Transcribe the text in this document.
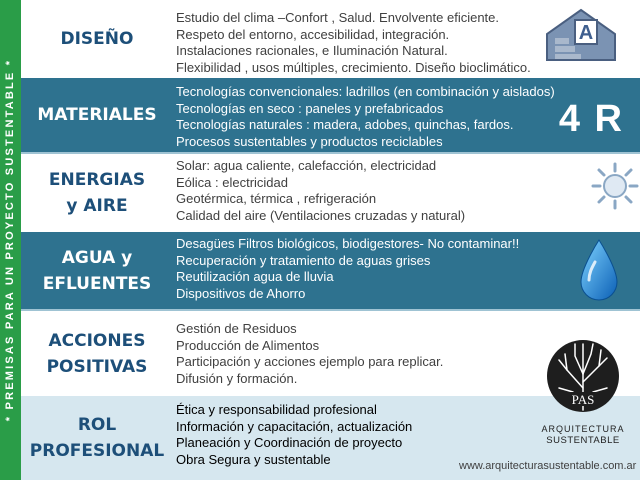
* PREMISAS PARA UN PROYECTO SUSTENTABLE *
DISEÑO
Estudio del clima –Confort , Salud. Envolvente eficiente.
Respeto del entorno, accesibilidad, integración.
Instalaciones racionales, e Iluminación Natural.
Flexibilidad , usos múltiples, crecimiento. Diseño bioclimático.
A
MATERIALES
Tecnologías convencionales: ladrillos (en combinación y aislados)
Tecnologías en seco : paneles y prefabricados
Tecnologías naturales : madera, adobes, quinchas, fardos.
Procesos sustentables y productos reciclables
4 R
ENERGIAS
y AIRE
Solar: agua caliente, calefacción, electricidad
Eólica : electricidad
Geotérmica, térmica , refrigeración
Calidad del aire (Ventilaciones cruzadas y natural)
AGUA y
EFLUENTES
Desagües Filtros biológicos, biodigestores- No contaminar!!
Recuperación y tratamiento de aguas grises
Reutilización agua de lluvia
Dispositivos de Ahorro
ACCIONES
POSITIVAS
Gestión de Residuos
Producción de Alimentos
Participación y acciones ejemplo para replicar.
Difusión y formación.
ROL
PROFESIONAL
Ética y responsabilidad profesional
Información y capacitación, actualización
Planeación y Coordinación de proyecto
Obra Segura y sustentable
PAS
ARQUITECTURA
SUSTENTABLE
www.arquitecturasustentable.com.ar
